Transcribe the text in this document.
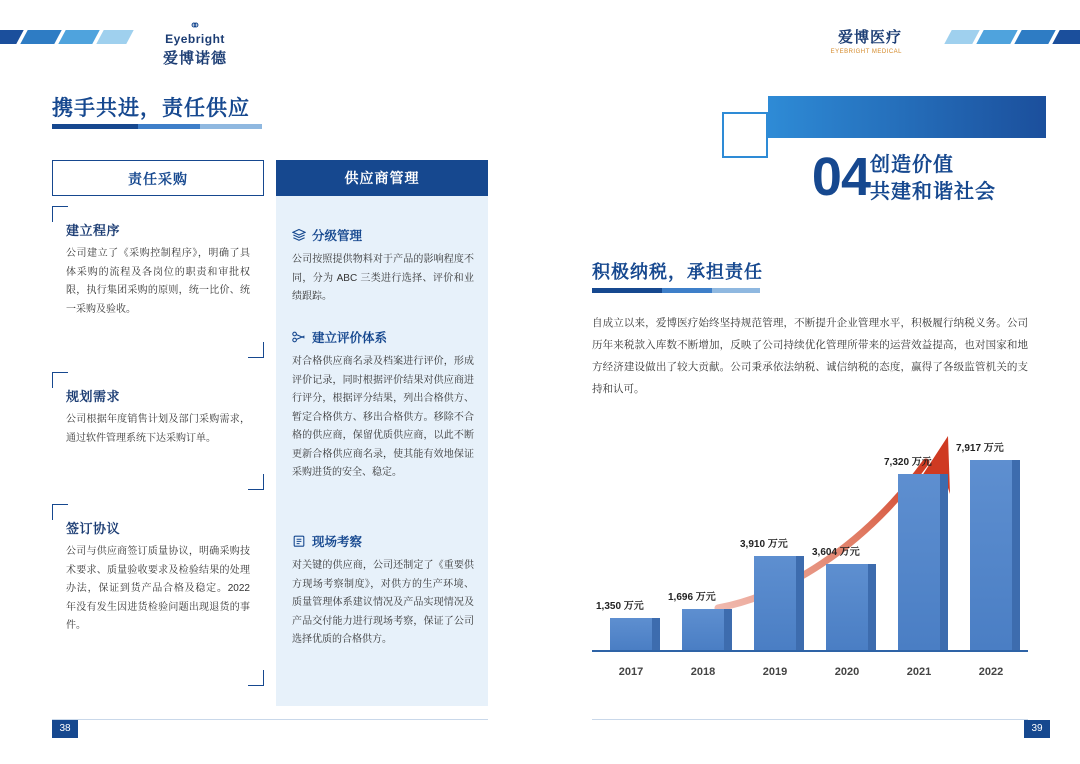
⚭
Eyebright
爱博诺德
携手共进，责任供应
责任采购	供应商管理
建立程序

公司建立了《采购控制程序》，明确了具体采购的流程及各岗位的职责和审批权限，执行集团采购的原则，统一比价、统一采购及验收。

规划需求

公司根据年度销售计划及部门采购需求，通过软件管理系统下达采购订单。

签订协议

公司与供应商签订质量协议，明确采购技术要求、质量验收要求及检验结果的处理办法，保证到货产品合格及稳定。2022 年没有发生因进货检验问题出现退货的事件。

分级管理

公司按照提供物料对于产品的影响程度不同，分为 ABC 三类进行选择、评价和业绩跟踪。

建立评价体系

对合格供应商名录及档案进行评价，形成评价记录，同时根据评价结果对供应商进行评分，根据评分结果，列出合格供方、暂定合格供方、移出合格供方。移除不合格的供应商，保留优质供应商，以此不断更新合格供应商名录，使其能有效地保证采购进货的安全、稳定。

现场考察

对关键的供应商，公司还制定了《重要供方现场考察制度》，对供方的生产环境、质量管理体系建议情况及产品实现情况及产品交付能力进行现场考察，保证了公司选择优质的合格供方。

38
爱博医疗
EYEBRIGHT MEDICAL
04 创造价值
共建和谐社会
积极纳税，承担责任
自成立以来，爱博医疗始终坚持规范管理，不断提升企业管理水平，积极履行纳税义务。公司历年来税款入库数不断增加，反映了公司持续优化管理所带来的运营效益提高，也对国家和地方经济建设做出了较大贡献。公司秉承依法纳税、诚信纳税的态度，赢得了各级监管机关的支持和认可。
1,350 万元
2017
1,696 万元
2018
3,910 万元
2019
3,604 万元
2020
7,320 万元
2021
7,917 万元
2022
39
